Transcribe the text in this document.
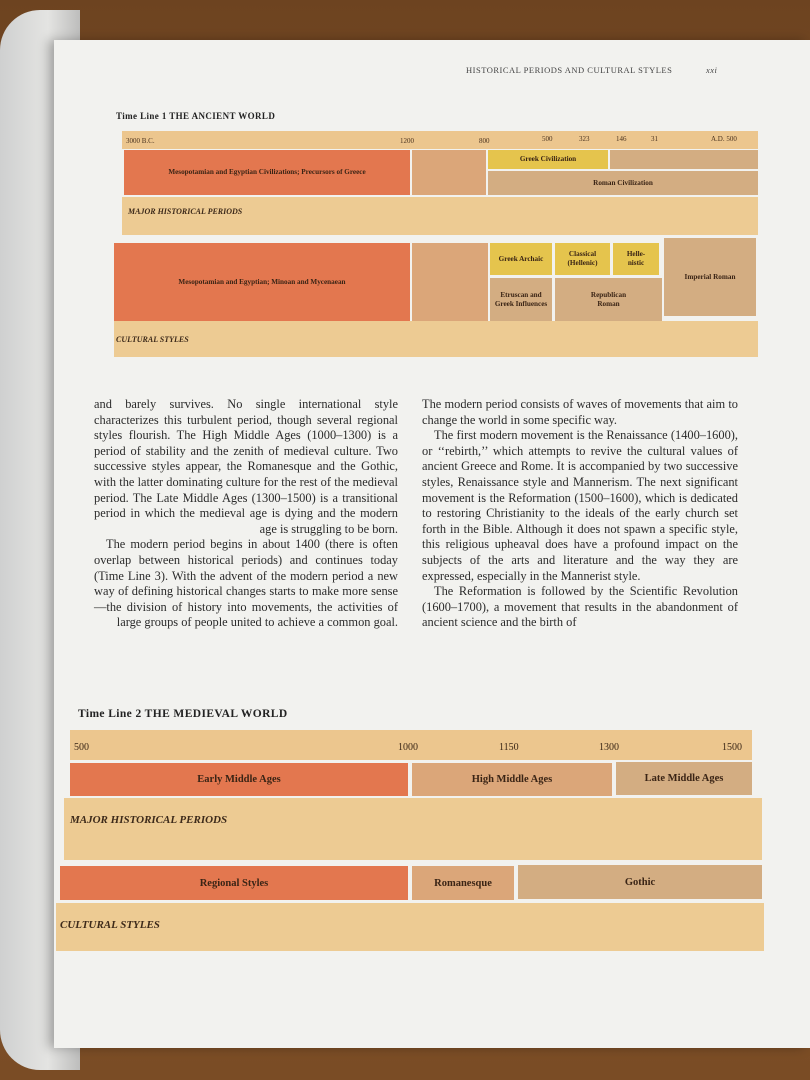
HISTORICAL PERIODS AND CULTURAL STYLES	xxi
Time Line 1 THE ANCIENT WORLD
3000 B.C.	1200	800	500	323	146	31	A.D. 500
Mesopotamian and Egyptian Civilizations; Precursors of Greece
Greek Civilization
Roman Civilization
MAJOR HISTORICAL PERIODS
Mesopotamian and Egyptian; Minoan and Mycenaean
Greek Archaic
Classical (Hellenic)
Helle-nistic
Etruscan and Greek Influences
Republican Roman
Imperial Roman
CULTURAL STYLES

and barely survives. No single international style characterizes this turbulent period, though several regional styles flourish. The High Middle Ages (1000–1300) is a period of stability and the zenith of medieval culture. Two successive styles appear, the Romanesque and the Gothic, with the latter dominating culture for the rest of the medieval period. The Late Middle Ages (1300–1500) is a transitional period in which the medieval age is dying and the modern age is struggling to be born.

The modern period begins in about 1400 (there is often overlap between historical periods) and continues today (Time Line 3). With the advent of the modern period a new way of defining historical changes starts to make more sense—the division of history into movements, the activities of large groups of people united to achieve a common goal.

The modern period consists of waves of movements that aim to change the world in some specific way.

The first modern movement is the Renaissance (1400–1600), or ‘‘rebirth,’’ which attempts to revive the cultural values of ancient Greece and Rome. It is accompanied by two successive styles, Renaissance style and Mannerism. The next significant movement is the Reformation (1500–1600), which is dedicated to restoring Christianity to the ideals of the early church set forth in the Bible. Although it does not spawn a specific style, this religious upheaval does have a profound impact on the subjects of the arts and literature and the way they are expressed, especially in the Mannerist style.

The Reformation is followed by the Scientific Revolution (1600–1700), a movement that results in the abandonment of ancient science and the birth of

Time Line 2 THE MEDIEVAL WORLD
500	1000	1150	1300	1500
Early Middle Ages	High Middle Ages	Late Middle Ages
MAJOR HISTORICAL PERIODS
Regional Styles	Romanesque	Gothic
CULTURAL STYLES
